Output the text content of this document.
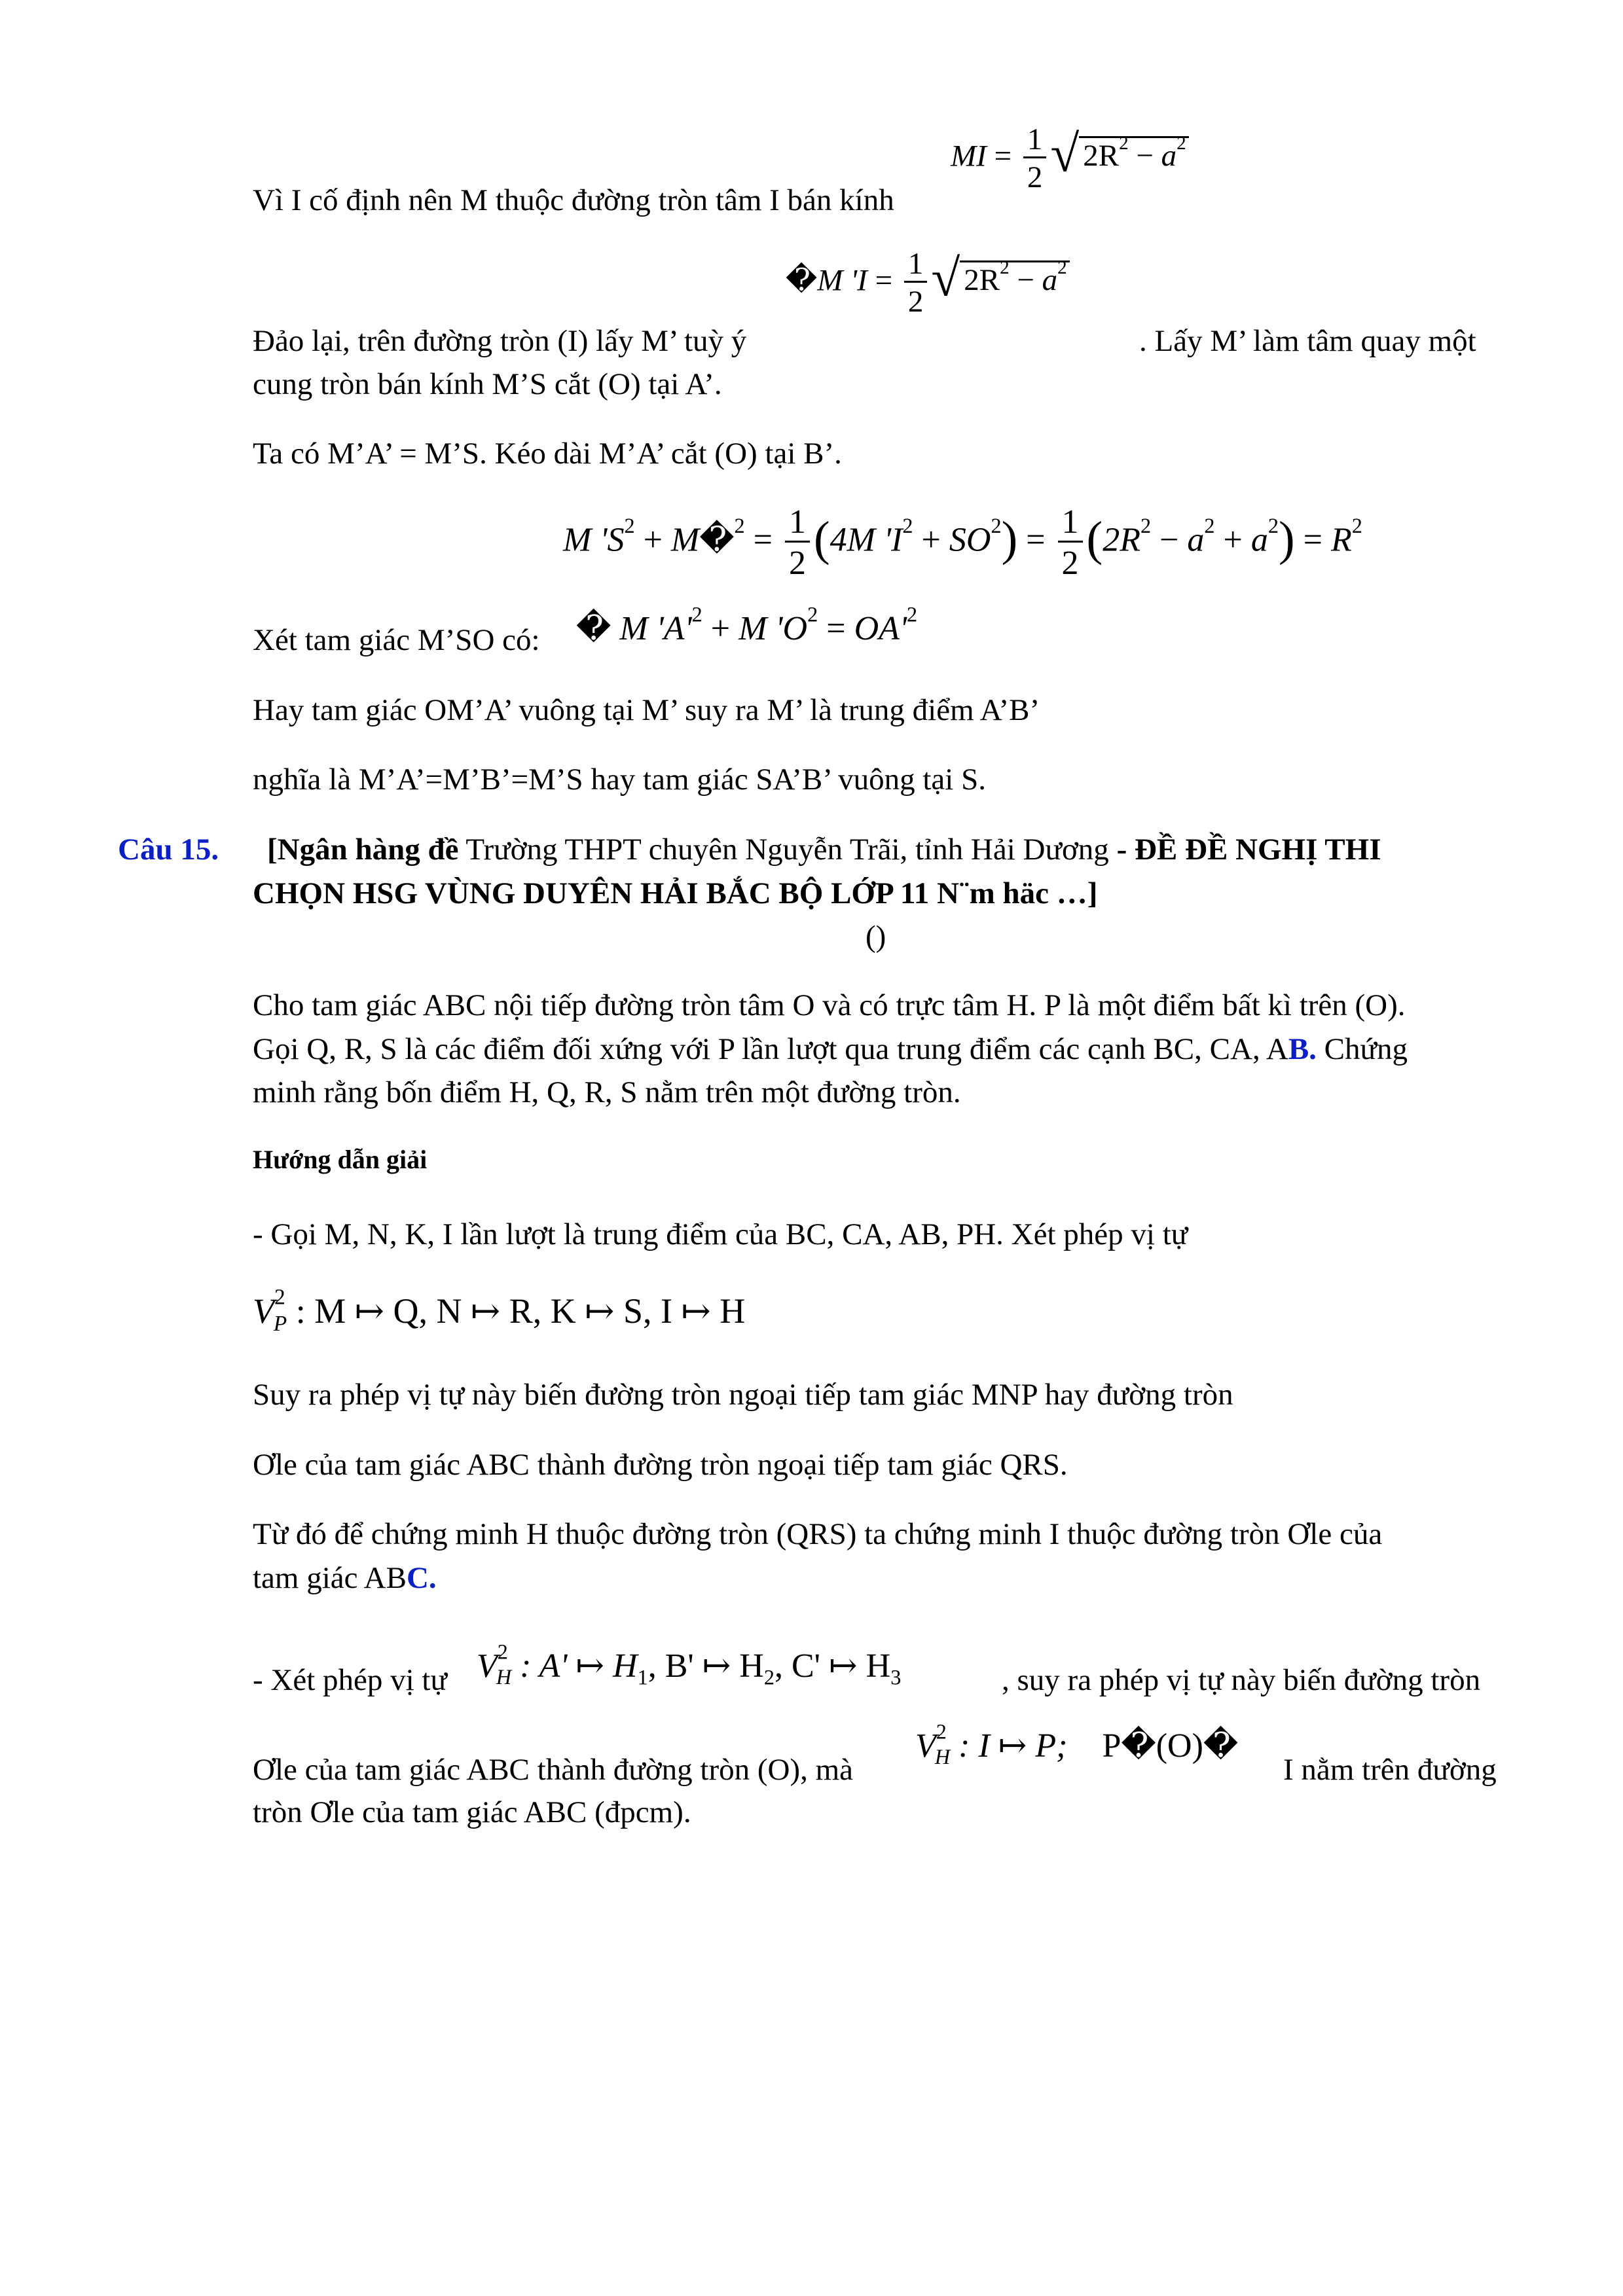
Vì I cố định nên M thuộc đường tròn tâm I bán kính
MI = $\frac{1}{2}$ √ $2R^2 - a^2$
�M '$I = \frac{1}{2}$ √ $2R^2 - a^2$
Đảo lại, trên đường tròn (I) lấy M’ tuỳ ý	. Lấy M’ làm tâm quay một
cung tròn bán kính M’S cắt (O) tại A’.
Ta có M’A’ = M’S. Kéo dài M’A’ cắt (O) tại B’.
M '$S^2$ + M�$^2$ = $\frac{1}{2} (4M$ '$I^2 + SO^2) = \frac{1}{2} (2R^2 - a^2 + a^2) = R^2$
Xét tam giác M’SO có: � M '$A'^2 + M$ '$O^2 = OA'^2$
Hay tam giác OM’A’ vuông tại M’ suy ra M’ là trung điểm A’B’
nghĩa là M’A’=M’B’=M’S hay tam giác SA’B’ vuông tại S.
Câu 15. [Ngân hàng đề Trường THPT chuyên Nguyễn Trãi, tỉnh Hải Dương - ĐỀ ĐỀ NGHỊ THI
CHỌN HSG VÙNG DUYÊN HẢI BẮC BỘ LỚP 11 N¨m häc …]
()
Cho tam giác ABC nội tiếp đường tròn tâm O và có trực tâm H. P là một điểm bất kì trên (O).
Gọi Q, R, S là các điểm đối xứng với P lần lượt qua trung điểm các cạnh BC, CA, AB. Chứng
minh rằng bốn điểm H, Q, R, S nằm trên một đường tròn.
Hướng dẫn giải
- Gọi M, N, K, I lần lượt là trung điểm của BC, CA, AB, PH. Xét phép vị tự
$V^2_P$ : M ↦ Q, N ↦ R, K ↦ S, I ↦ H
Suy ra phép vị tự này biến đường tròn ngoại tiếp tam giác MNP hay đường tròn
Ơle của tam giác ABC thành đường tròn ngoại tiếp tam giác QRS.
Từ đó để chứng minh H thuộc đường tròn (QRS) ta chứng minh I thuộc đường tròn Ơle của
tam giác ABC.
- Xét phép vị tự $V^2_H$ : A' ↦ $H_1$, B' ↦ $H_2$, C' ↦ $H_3$	, suy ra phép vị tự này biến đường tròn
Ơle của tam giác ABC thành đường tròn (O), mà
$V^2_H$ : I ↦ P; P�(O)�
I nằm trên đường
tròn Ơle của tam giác ABC (đpcm).
